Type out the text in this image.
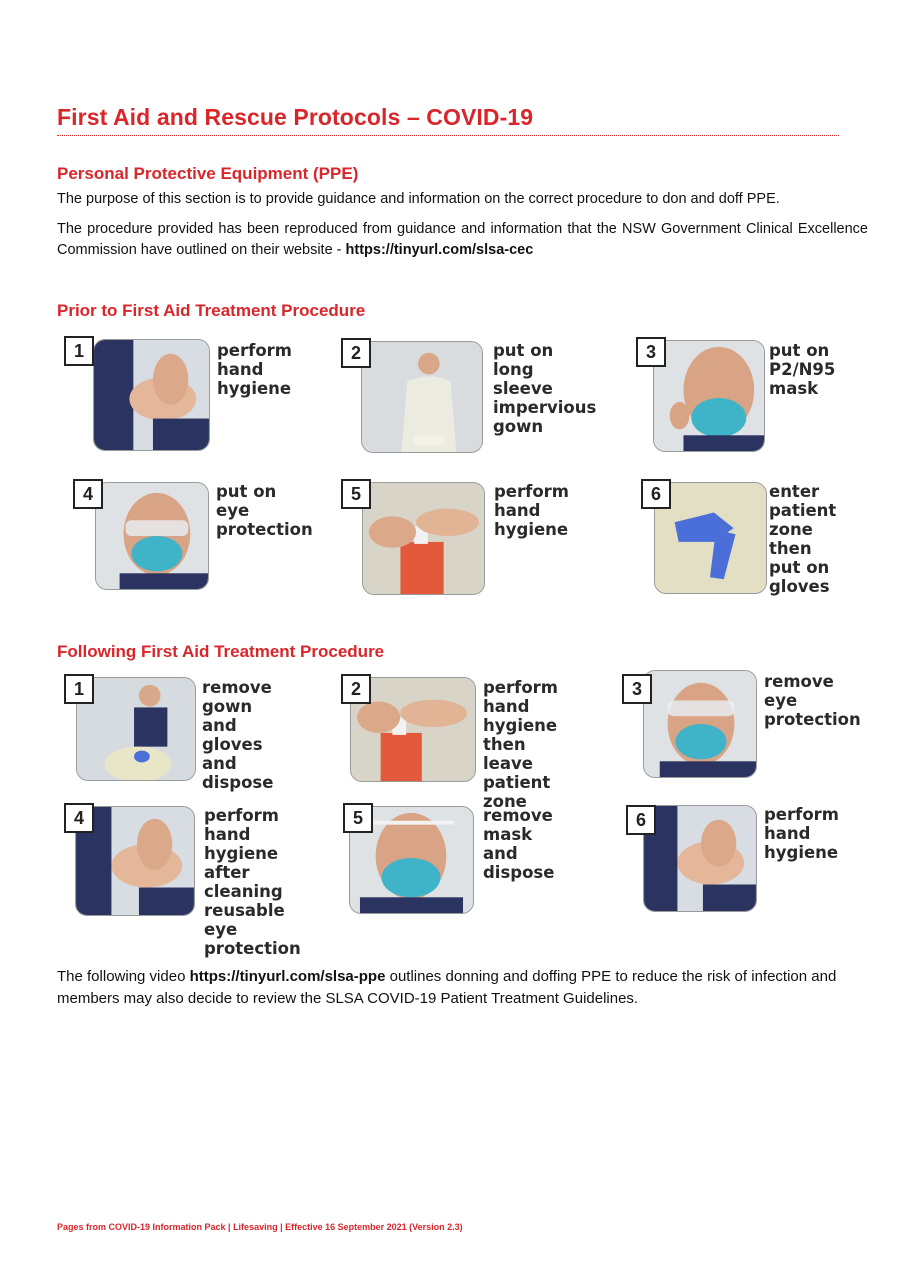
First Aid and Rescue Protocols – COVID-19
Personal Protective Equipment (PPE)
The purpose of this section is to provide guidance and information on the correct procedure to don and doff PPE.
The procedure provided has been reproduced from guidance and information that the NSW Government Clinical Excellence Commission have outlined on their website - https://tinyurl.com/slsa-cec
Prior to First Aid Treatment Procedure
1	perform
hand
hygiene
2	put on
long sleeve
impervious
gown
3	put on
P2/N95
mask
4	put on
eye
protection
5	perform
hand
hygiene
6	enter
patient
zone then
put on
gloves
Following First Aid Treatment Procedure
1	remove
gown and
gloves
and dispose
2	perform
hand
hygiene then
leave patient
zone
3	remove
eye
protection
4	perform
hand
hygiene after
cleaning
reusable eye
protection
5	remove
mask
and
dispose
6	perform
hand
hygiene
The following video https://tinyurl.com/slsa-ppe outlines donning and doffing PPE to reduce the risk of infection and members may also decide to review the SLSA COVID-19 Patient Treatment Guidelines.
Pages from COVID-19 Information Pack | Lifesaving | Effective 16 September 2021 (Version 2.3)
